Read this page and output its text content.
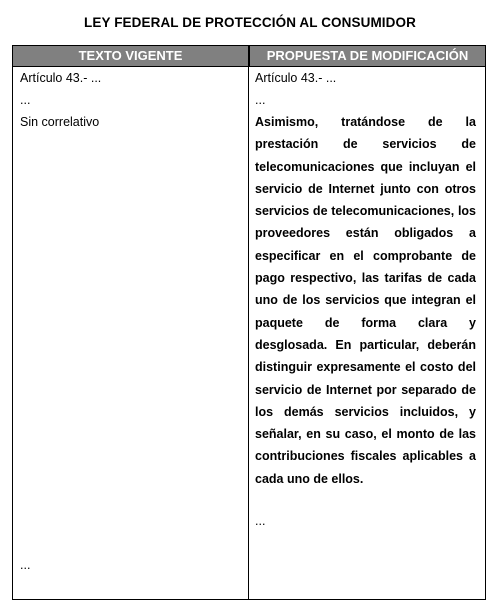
LEY FEDERAL DE PROTECCIÓN AL CONSUMIDOR
TEXTO VIGENTE	PROPUESTA DE MODIFICACIÓN
Artículo 43.- ...
...
Sin correlativo
...
Artículo 43.- ...
...
Asimismo, tratándose de la prestación de servicios de telecomunicaciones que incluyan el servicio de Internet junto con otros servicios de telecomunicaciones, los proveedores están obligados a especificar en el comprobante de pago respectivo, las tarifas de cada uno de los servicios que integran el paquete de forma clara y desglosada. En particular, deberán distinguir expresamente el costo del servicio de Internet por separado de los demás servicios incluidos, y señalar, en su caso, el monto de las contribuciones fiscales aplicables a cada uno de ellos.
...
